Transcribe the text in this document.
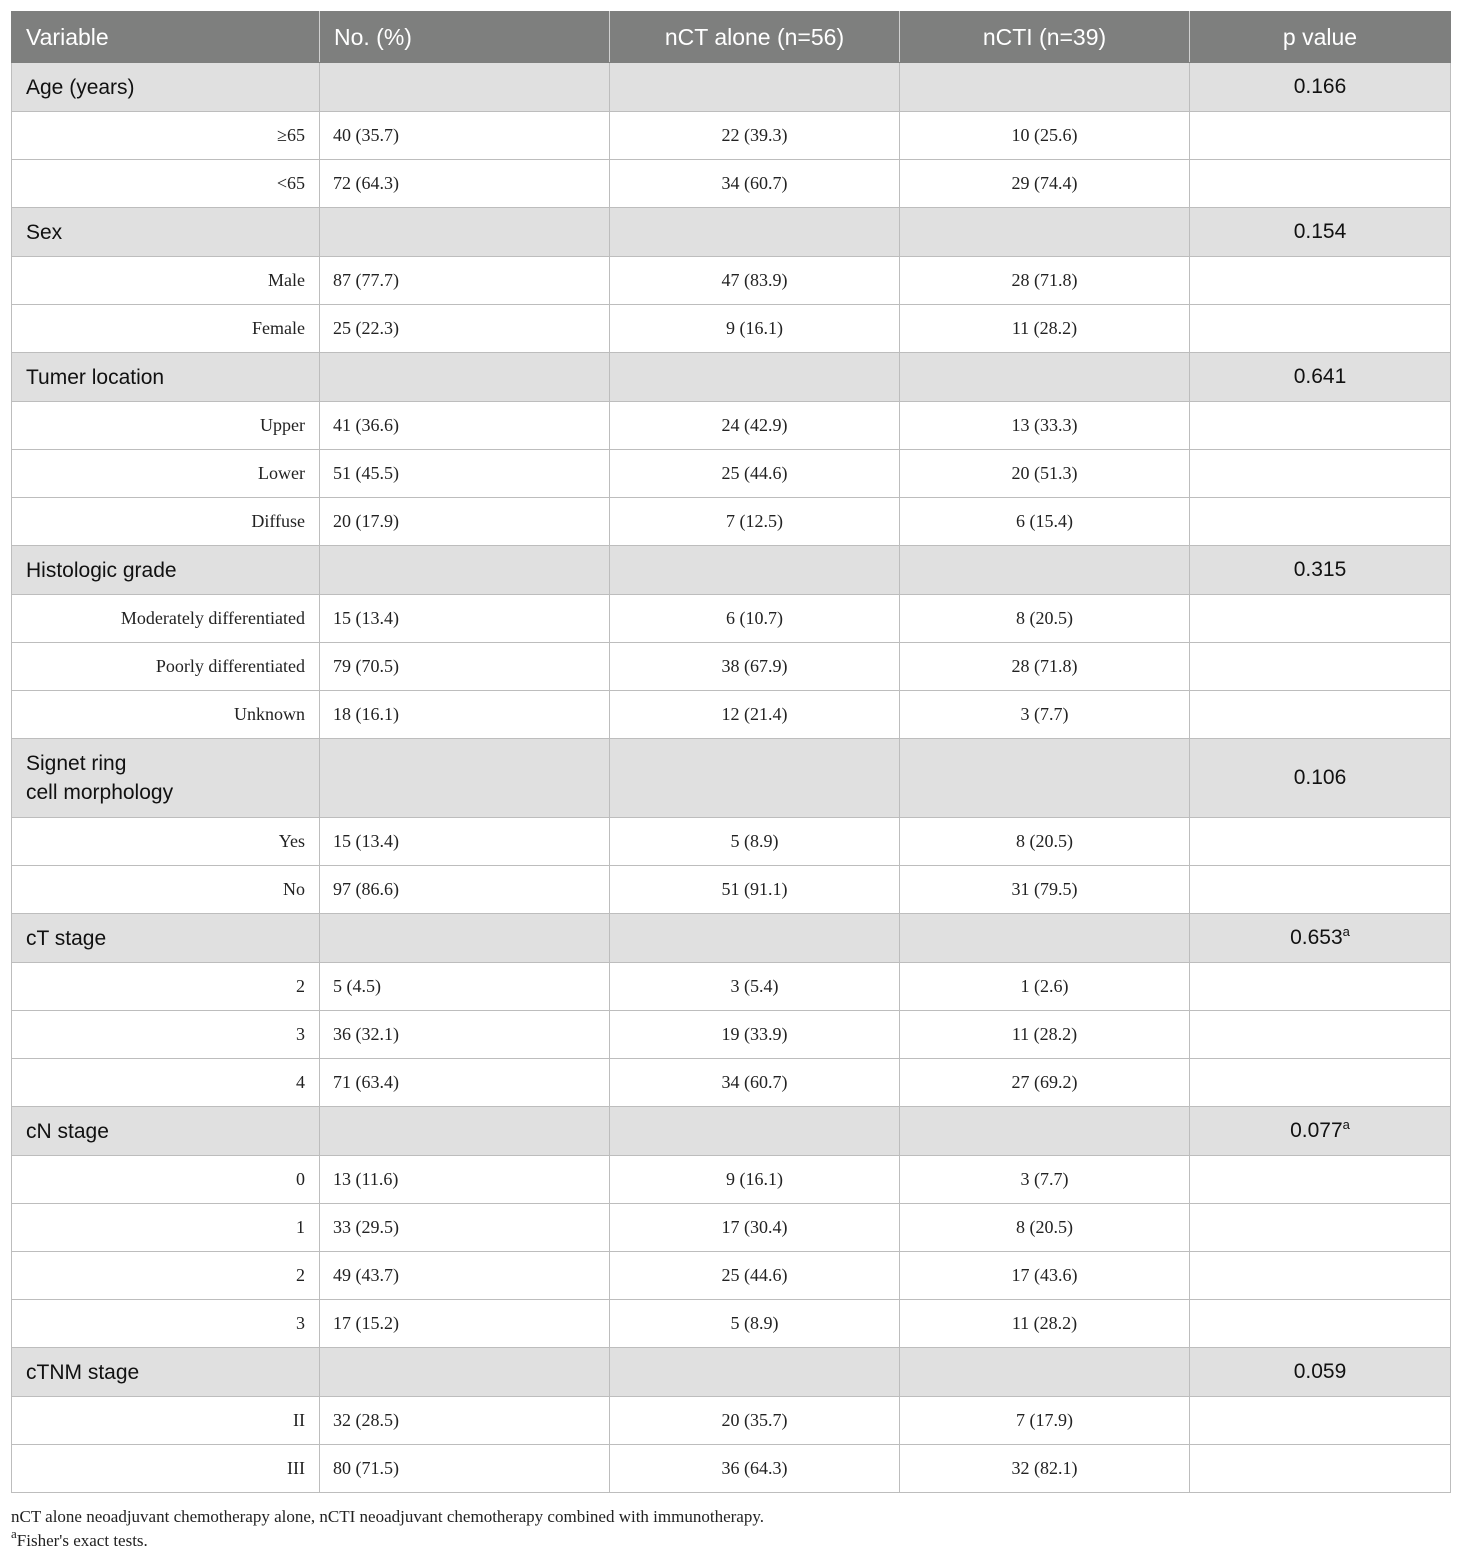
Variable	No. (%)	nCT alone (n=56)	nCTI (n=39)	p value
Age (years)				0.166
≥65	40 (35.7)	22 (39.3)	10 (25.6)	
<65	72 (64.3)	34 (60.7)	29 (74.4)	
Sex				0.154
Male	87 (77.7)	47 (83.9)	28 (71.8)	
Female	25 (22.3)	9 (16.1)	11 (28.2)	
Tumer location				0.641
Upper	41 (36.6)	24 (42.9)	13 (33.3)	
Lower	51 (45.5)	25 (44.6)	20 (51.3)	
Diffuse	20 (17.9)	7 (12.5)	6 (15.4)	
Histologic grade				0.315
Moderately differentiated	15 (13.4)	6 (10.7)	8 (20.5)	
Poorly differentiated	79 (70.5)	38 (67.9)	28 (71.8)	
Unknown	18 (16.1)	12 (21.4)	3 (7.7)	
Signet ring
cell morphology				0.106
Yes	15 (13.4)	5 (8.9)	8 (20.5)	
No	97 (86.6)	51 (91.1)	31 (79.5)	
cT stage				0.653$^a$
2	5 (4.5)	3 (5.4)	1 (2.6)	
3	36 (32.1)	19 (33.9)	11 (28.2)	
4	71 (63.4)	34 (60.7)	27 (69.2)	
cN stage				0.077$^a$
0	13 (11.6)	9 (16.1)	3 (7.7)	
1	33 (29.5)	17 (30.4)	8 (20.5)	
2	49 (43.7)	25 (44.6)	17 (43.6)	
3	17 (15.2)	5 (8.9)	11 (28.2)	
cTNM stage				0.059
II	32 (28.5)	20 (35.7)	7 (17.9)	
III	80 (71.5)	36 (64.3)	32 (82.1)	

nCT alone neoadjuvant chemotherapy alone, nCTI neoadjuvant chemotherapy combined with immunotherapy.

$^a$Fisher's exact tests.
